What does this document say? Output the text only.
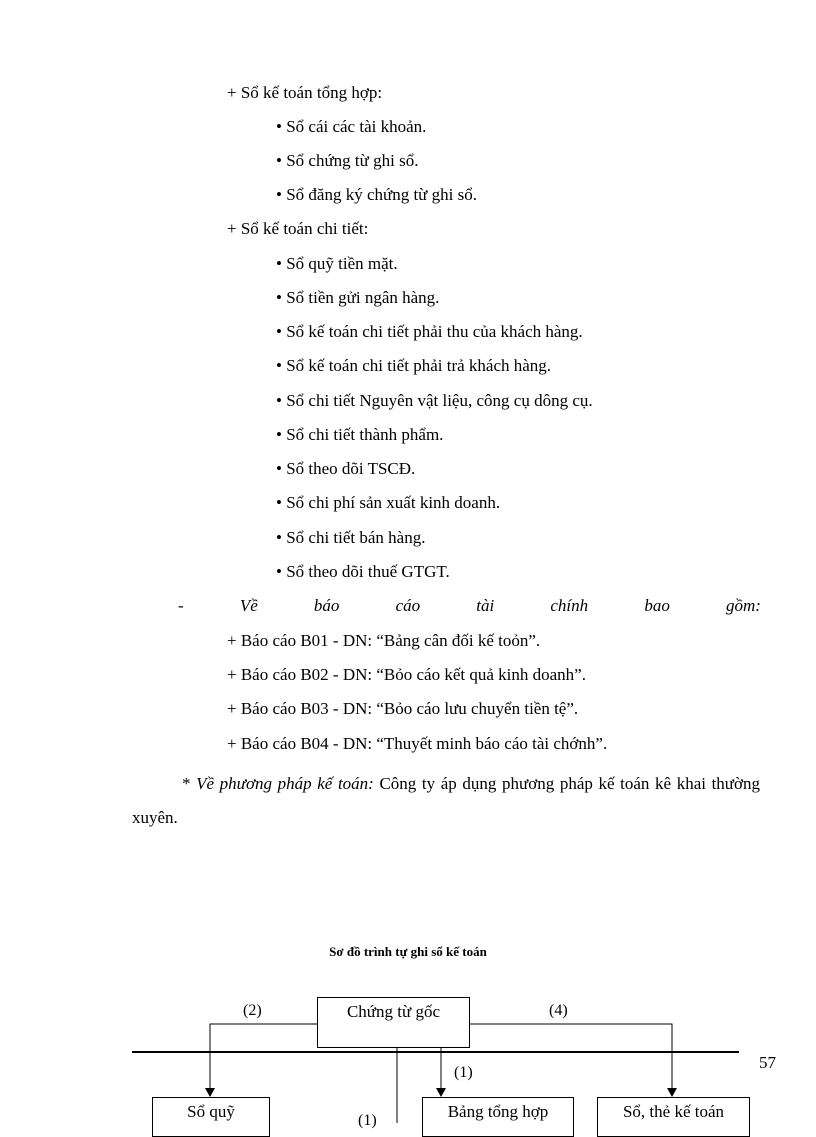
+ Sổ kế toán tổng hợp:
• Sổ cái các tài khoản.
• Sổ chứng từ ghi sổ.
• Sổ đăng ký chứng từ ghi sổ.
+ Sổ kế toán chi tiết:
• Sổ quỹ tiền mặt.
• Sổ tiền gửi ngân hàng.
• Sổ kế toán chi tiết phải thu của khách hàng.
• Sổ kế toán chi tiết phải trả khách hàng.
• Sổ chi tiết Nguyên vật liệu, công cụ dông cụ.
• Sổ chi tiết thành phẩm.
• Sổ theo dõi TSCĐ.
• Sổ chi phí sản xuất kinh doanh.
• Sổ chi tiết bán hàng.
• Sổ theo dõi thuế GTGT.
-	Về	báo	cáo	tài	chính	bao	gồm:
+ Báo cáo B01 - DN: “Bảng cân đối kế toỏn”.
+ Báo cáo B02 - DN: “Bỏo cáo kết quả kinh doanh”.
+ Báo cáo B03 - DN: “Bỏo cáo lưu chuyển tiền tệ”.
+ Báo cáo B04 - DN: “Thuyết minh báo cáo tài chớnh”.
* Về phương pháp kế toán: Công ty áp dụng phương pháp kế toán kê khai thường xuyên.
Sơ đồ trình tự ghi sổ kế toán
Chứng từ gốc
Sổ quỹ	Bảng tổng hợp	Sổ, thẻ kế toán
(2)	(4)
(1)
(1)
57
